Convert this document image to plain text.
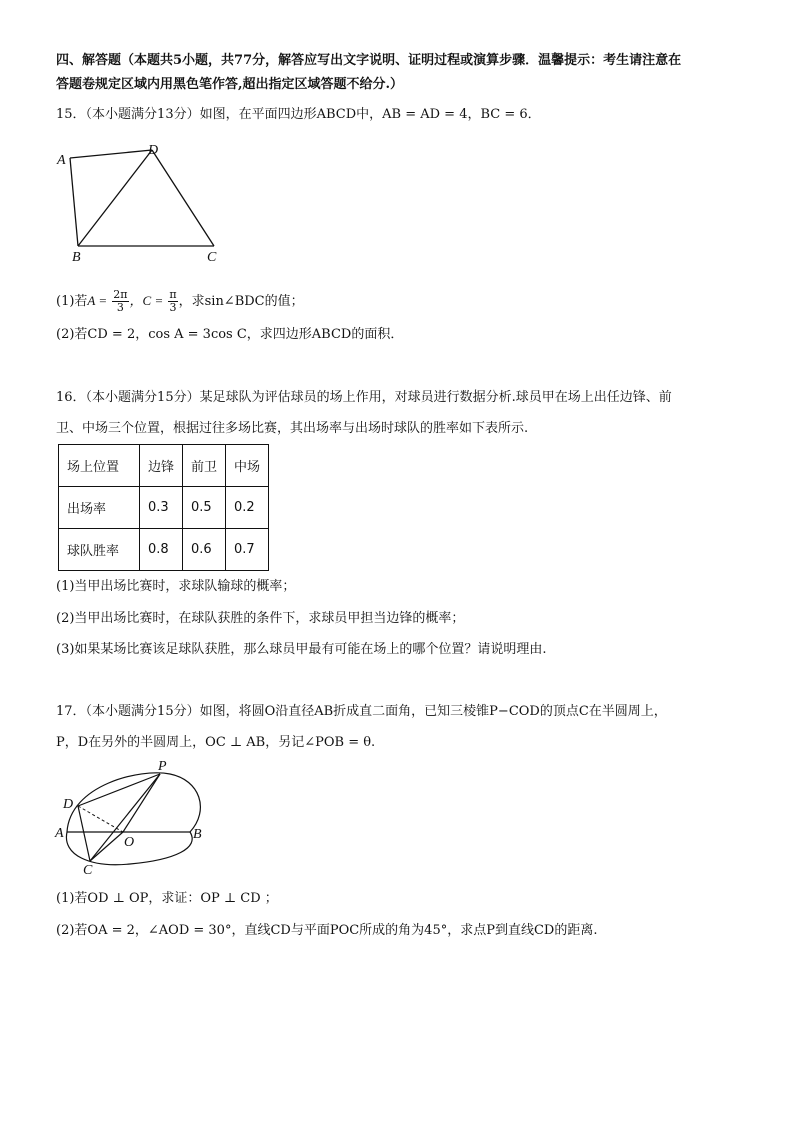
四、解答题（本题共5小题，共77分，解答应写出文字说明、证明过程或演算步骤．温馨提示：考生请注意在
答题卷规定区域内用黑色笔作答,超出指定区域答题不给分.）
15．（本小题满分13分）如图，在平面四边形ABCD中，AB = AD = 4，BC = 6．
A
D
B	C
(1)若$A = \frac{2\pi}{3}$ ，$C = \frac{\pi}{3}$ ，求sin∠BDC的值；
(2)若CD = 2，cos A = 3cos C，求四边形ABCD的面积．
16．（本小题满分15分）某足球队为评估球员的场上作用，对球员进行数据分析.球员甲在场上出任边锋、前
卫、中场三个位置，根据过往多场比赛，其出场率与出场时球队的胜率如下表所示.
场上位置	边锋	前卫	中场
出场率	0.3	0.5	0.2
球队胜率	0.8	0.6	0.7
(1)当甲出场比赛时，求球队输球的概率；
(2)当甲出场比赛时，在球队获胜的条件下，求球员甲担当边锋的概率；
(3)如果某场比赛该足球队获胜，那么球员甲最有可能在场上的哪个位置？请说明理由.
17．（本小题满分15分）如图，将圆O沿直径AB折成直二面角，已知三棱锥P−COD的顶点C在半圆周上，
P，D在另外的半圆周上，OC ⊥ AB，另记∠POB = θ.
P
D
A
O
B
C
(1)若OD ⊥ OP，求证：OP ⊥ CD ；
(2)若OA = 2，∠AOD = 30°，直线CD与平面POC所成的角为45°，求点P到直线CD的距离.
